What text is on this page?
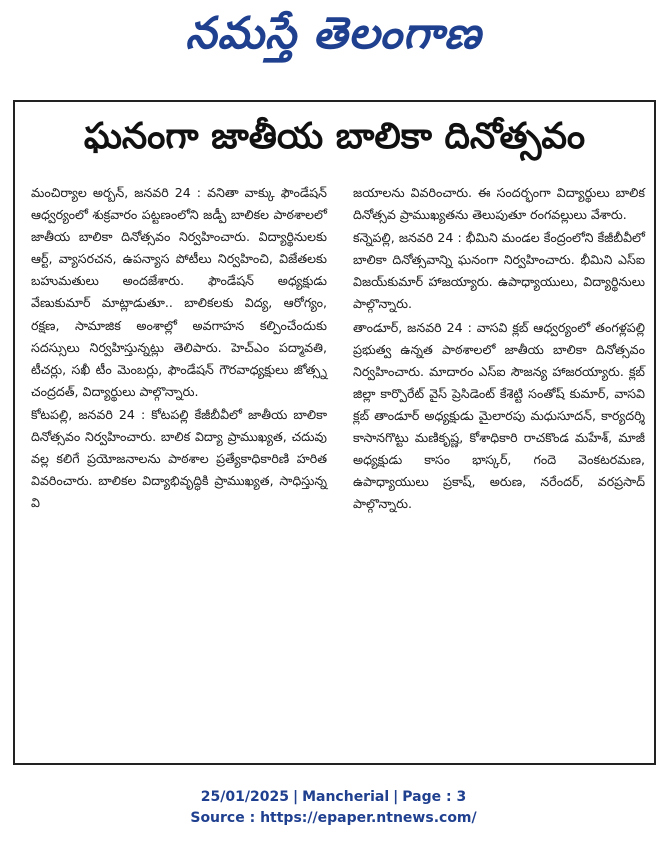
నమస్తే తెలంగాణ
ఘనంగా జాతీయ బాలికా దినోత్సవం

మంచిర్యాల అర్బన్, జనవరి 24 : వనితా వాక్కు ఫౌండేషన్ ఆధ్వర్యంలో శుక్రవారం పట్టణంలోని జడ్పీ బాలికల పాఠశాలలో జాతీయ బాలికా దినోత్సవం నిర్వహించారు. విద్యార్థినులకు ఆర్ట్, వ్యాసరచన, ఉపన్యాస పోటీలు నిర్వహించి, విజేతలకు బహుమతులు అందజేశారు. ఫౌండేషన్ అధ్యక్షుడు వేణుకుమార్ మాట్లాడుతూ.. బాలికలకు విద్య, ఆరోగ్యం, రక్షణ, సామాజిక అంశాల్లో అవగాహన కల్పించేందుకు సదస్సులు నిర్వహిస్తున్నట్లు తెలిపారు. హెచ్ఎం పద్మావతి, టీచర్లు, సఖీ టీం మెంబర్లు, ఫౌండేషన్ గౌరవాధ్యక్షులు జోత్స్న చంద్రదత్, విద్యార్థులు పాల్గొన్నారు.

కోటపల్లి, జనవరి 24 : కోటపల్లి కేజీబీవీలో జాతీయ బాలికా దినోత్సవం నిర్వహించారు. బాలిక విద్యా ప్రాముఖ్యత, చదువు వల్ల కలిగే ప్రయోజనాలను పాఠశాల ప్రత్యేకాధికారిణి హరిత వివరించారు. బాలికల విద్యాభివృద్ధికి ప్రాముఖ్యత, సాధిస్తున్న వి

జయాలను వివరించారు. ఈ సందర్భంగా విద్యార్థులు బాలిక దినోత్సవ ప్రాముఖ్యతను తెలుపుతూ రంగవల్లులు వేశారు.

కన్నెపల్లి, జనవరి 24 : భీమిని మండల కేంద్రంలోని కేజీబీవీలో బాలికా దినోత్సవాన్ని ఘనంగా నిర్వహించారు. భీమిని ఎస్ఐ విజయ్‌కుమార్ హాజయ్యారు. ఉపాధ్యాయులు, విద్యార్థినులు పాల్గొన్నారు.

తాండూర్, జనవరి 24 : వాసవి క్లబ్ ఆధ్వర్యంలో తంగళ్లపల్లి ప్రభుత్వ ఉన్నత పాఠశాలలో జాతీయ బాలికా దినోత్సవం నిర్వహించారు. మాదారం ఎస్ఐ సౌజన్య హాజరయ్యారు. క్లబ్ జిల్లా కార్పొరేట్ వైస్ ప్రెసిడెంట్ కేశెట్టి సంతోష్ కుమార్, వాసవి క్లబ్ తాండూర్ అధ్యక్షుడు మైలారపు మధుసూదన్, కార్యదర్శి కాసానగొట్టు మణికృష్ణ, కోశాధికారి రాచకొండ మహేశ్, మాజీ అధ్యక్షుడు కాసం భాస్కర్, గందె వెంకటరమణ, ఉపాధ్యాయులు ప్రకాష్, అరుణ, నరేందర్, వరప్రసాద్ పాల్గొన్నారు.

25/01/2025 | Mancherial | Page : 3
Source : https://epaper.ntnews.com/
